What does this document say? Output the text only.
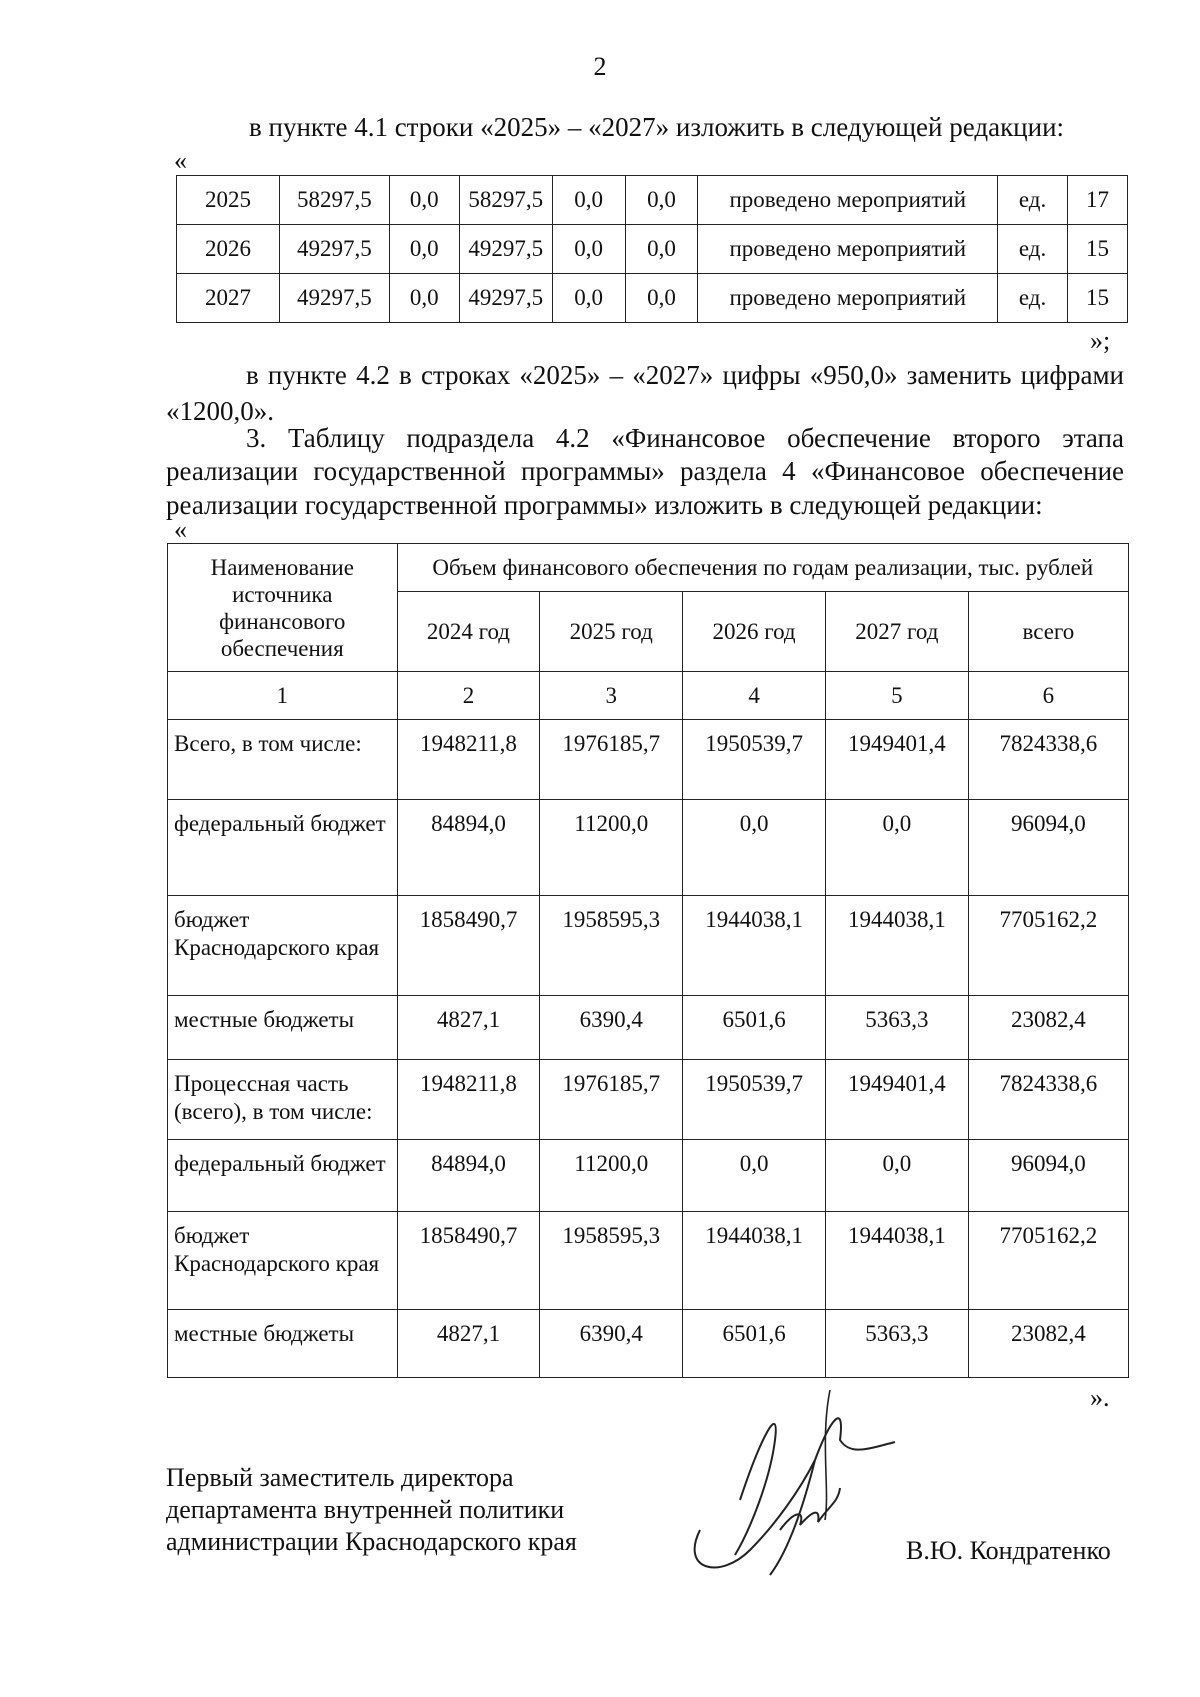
2
в пункте 4.1 строки «2025» – «2027» изложить в следующей редакции:
«
2025	58297,5	0,0	58297,5	0,0	0,0	проведено мероприятий	ед.	17
2026	49297,5	0,0	49297,5	0,0	0,0	проведено мероприятий	ед.	15
2027	49297,5	0,0	49297,5	0,0	0,0	проведено мероприятий	ед.	15
»;
в пункте 4.2 в строках «2025» – «2027» цифры «950,0» заменить цифрами
«1200,0».
3. Таблицу подраздела 4.2 «Финансовое обеспечение второго этапа
реализации государственной программы» раздела 4 «Финансовое обеспечение
реализации государственной программы» изложить в следующей редакции:
«
Наименование источника финансового обеспечения	Объем финансового обеспечения по годам реализации, тыс. рублей				
	2024 год	2025 год	2026 год	2027 год	всего
1	2	3	4	5	6
Всего, в том числе:	1948211,8	1976185,7	1950539,7	1949401,4	7824338,6
федеральный бюджет	84894,0	11200,0	0,0	0,0	96094,0
бюджет Краснодарского края	1858490,7	1958595,3	1944038,1	1944038,1	7705162,2
местные бюджеты	4827,1	6390,4	6501,6	5363,3	23082,4
Процессная часть (всего), в том числе:	1948211,8	1976185,7	1950539,7	1949401,4	7824338,6
федеральный бюджет	84894,0	11200,0	0,0	0,0	96094,0
бюджет Краснодарского края	1858490,7	1958595,3	1944038,1	1944038,1	7705162,2
местные бюджеты	4827,1	6390,4	6501,6	5363,3	23082,4
».
Первый заместитель директора
департамента внутренней политики
администрации Краснодарского края	В.Ю. Кондратенко
